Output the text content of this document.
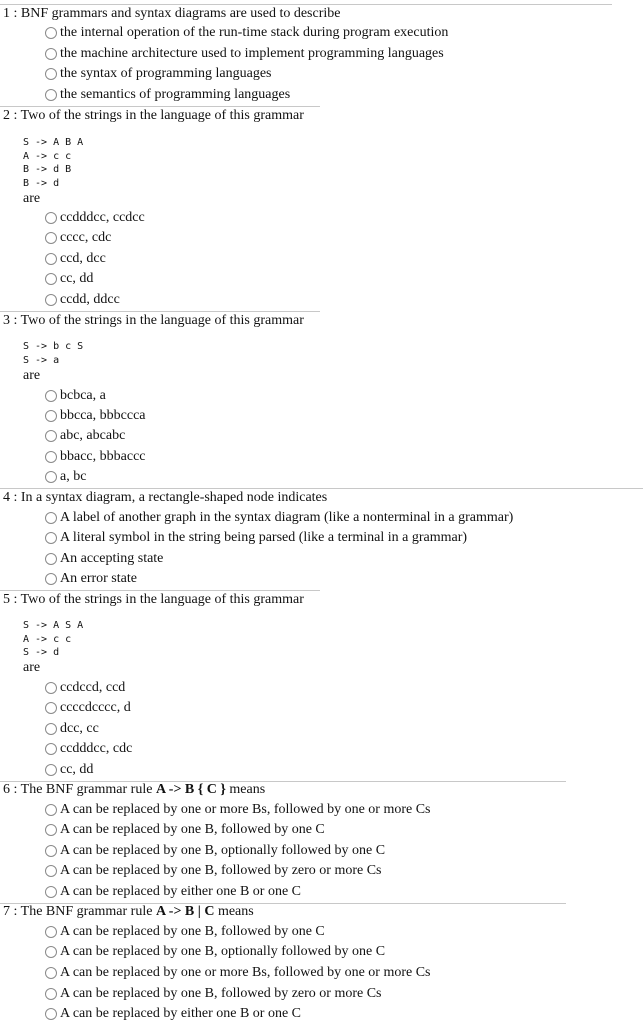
1 : BNF grammars and syntax diagrams are used to describe
the internal operation of the run-time stack during program execution
the machine architecture used to implement programming languages
the syntax of programming languages
the semantics of programming languages
2 : Two of the strings in the language of this grammar
S -> A B A
A -> c c
B -> d B
B -> d
are
ccdddcc, ccdcc
cccc, cdc
ccd, dcc
cc, dd
ccdd, ddcc
3 : Two of the strings in the language of this grammar
S -> b c S
S -> a
are
bcbca, a
bbcca, bbbccca
abc, abcabc
bbacc, bbbaccc
a, bc
4 : In a syntax diagram, a rectangle-shaped node indicates
A label of another graph in the syntax diagram (like a nonterminal in a grammar)
A literal symbol in the string being parsed (like a terminal in a grammar)
An accepting state
An error state
5 : Two of the strings in the language of this grammar
S -> A S A
A -> c c
S -> d
are
ccdccd, ccd
ccccdcccc, d
dcc, cc
ccdddcc, cdc
cc, dd
6 : The BNF grammar rule A -> B { C } means
A can be replaced by one or more Bs, followed by one or more Cs
A can be replaced by one B, followed by one C
A can be replaced by one B, optionally followed by one C
A can be replaced by one B, followed by zero or more Cs
A can be replaced by either one B or one C
7 : The BNF grammar rule A -> B | C means
A can be replaced by one B, followed by one C
A can be replaced by one B, optionally followed by one C
A can be replaced by one or more Bs, followed by one or more Cs
A can be replaced by one B, followed by zero or more Cs
A can be replaced by either one B or one C
